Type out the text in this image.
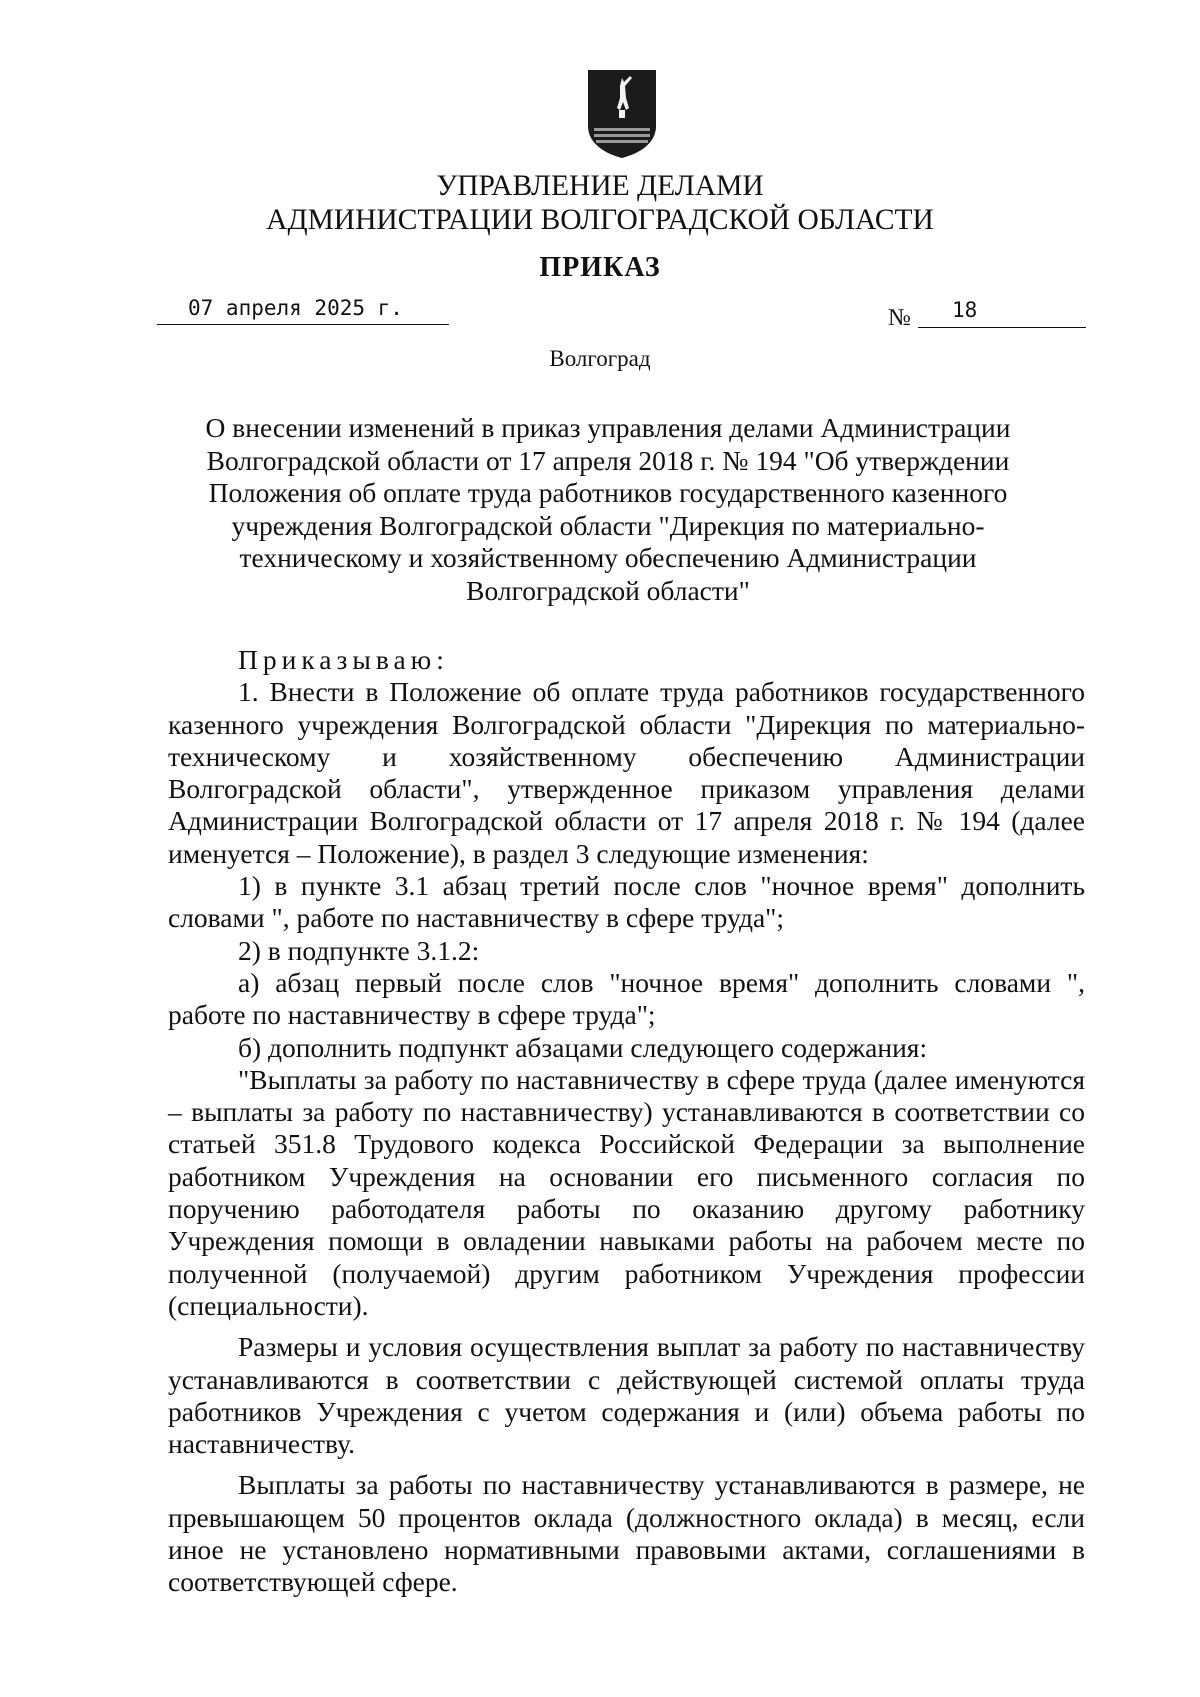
УПРАВЛЕНИЕ ДЕЛАМИ
АДМИНИСТРАЦИИ ВОЛГОГРАДСКОЙ ОБЛАСТИ
ПРИКАЗ
07 апреля 2025 г.	№ 18
Волгоград
О внесении изменений в приказ управления делами Администрации Волгоградской области от 17 апреля 2018 г. № 194 "Об утверждении Положения об оплате труда работников государственного казенного учреждения Волгоградской области "Дирекция по материально-техническому и хозяйственному обеспечению Администрации Волгоградской области"

Приказываю:

1. Внести в Положение об оплате труда работников государственного казенного учреждения Волгоградской области "Дирекция по материально-техническому и хозяйственному обеспечению Администрации Волгоградской области", утвержденное приказом управления делами Администрации Волгоградской области от 17 апреля 2018 г. № 194 (далее именуется – Положение), в раздел 3 следующие изменения:

1) в пункте 3.1 абзац третий после слов "ночное время" дополнить словами ", работе по наставничеству в сфере труда";

2) в подпункте 3.1.2:

а) абзац первый после слов "ночное время" дополнить словами ", работе по наставничеству в сфере труда";

б) дополнить подпункт абзацами следующего содержания:

"Выплаты за работу по наставничеству в сфере труда (далее именуются – выплаты за работу по наставничеству) устанавливаются в соответствии со статьей 351.8 Трудового кодекса Российской Федерации за выполнение работником Учреждения на основании его письменного согласия по поручению работодателя работы по оказанию другому работнику Учреждения помощи в овладении навыками работы на рабочем месте по полученной (получаемой) другим работником Учреждения профессии (специальности).

Размеры и условия осуществления выплат за работу по наставничеству устанавливаются в соответствии с действующей системой оплаты труда работников Учреждения с учетом содержания и (или) объема работы по наставничеству.

Выплаты за работы по наставничеству устанавливаются в размере, не превышающем 50 процентов оклада (должностного оклада) в месяц, если иное не установлено нормативными правовыми актами, соглашениями в соответствующей сфере.
